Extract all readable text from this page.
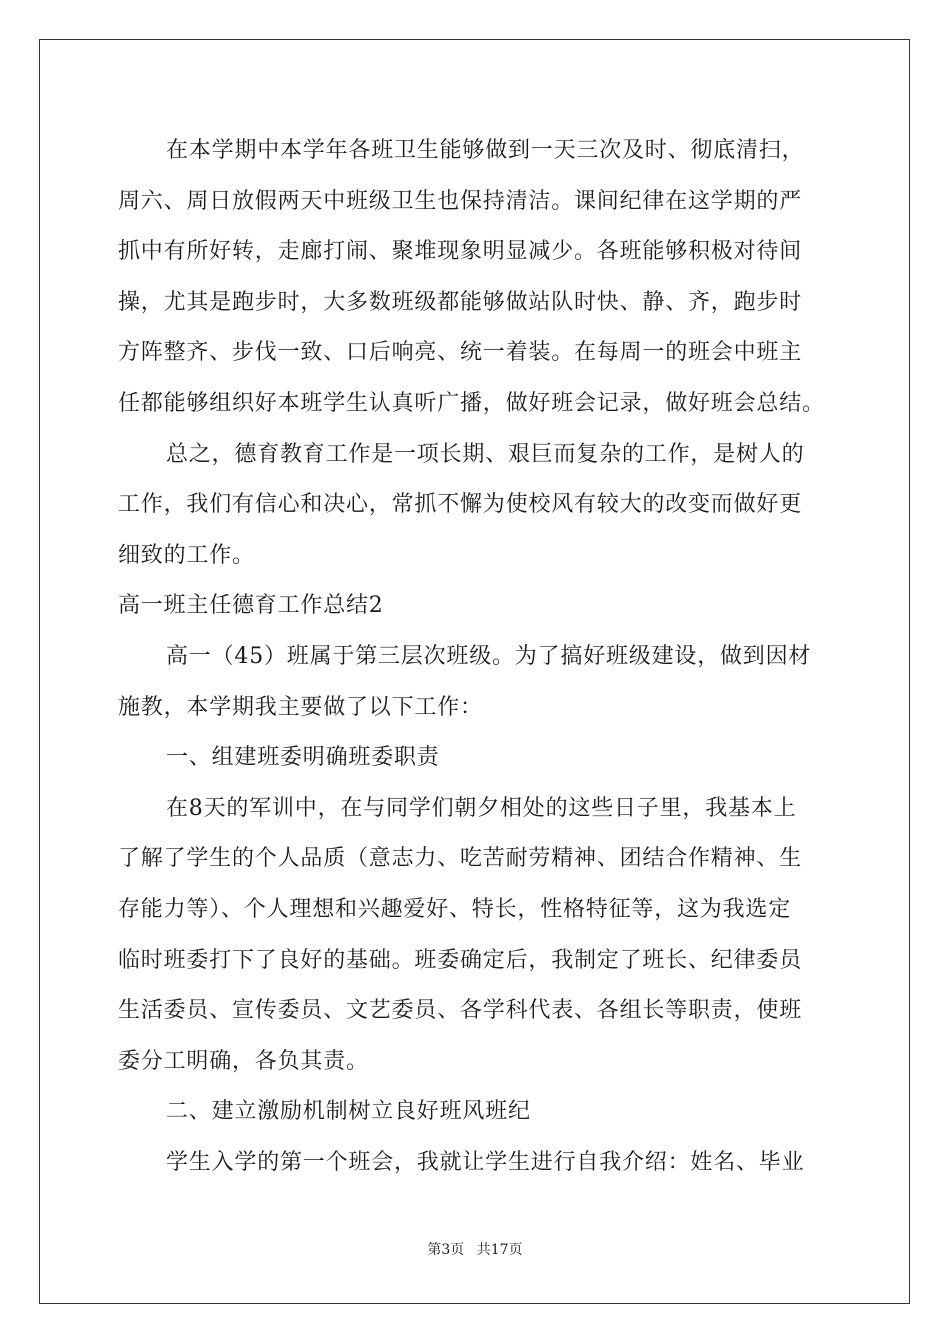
在本学期中本学年各班卫生能够做到一天三次及时、彻底清扫，
周六、周日放假两天中班级卫生也保持清洁。课间纪律在这学期的严
抓中有所好转，走廊打闹、聚堆现象明显减少。各班能够积极对待间
操，尤其是跑步时，大多数班级都能够做站队时快、静、齐，跑步时
方阵整齐、步伐一致、口后响亮、统一着装。在每周一的班会中班主
任都能够组织好本班学生认真听广播，做好班会记录，做好班会总结。
总之，德育教育工作是一项长期、艰巨而复杂的工作，是树人的
工作，我们有信心和决心，常抓不懈为使校风有较大的改变而做好更
细致的工作。
高一班主任德育工作总结2
高一（45）班属于第三层次班级。为了搞好班级建设，做到因材
施教，本学期我主要做了以下工作：
一、组建班委明确班委职责
在8天的军训中，在与同学们朝夕相处的这些日子里，我基本上
了解了学生的个人品质（意志力、吃苦耐劳精神、团结合作精神、生
存能力等）、个人理想和兴趣爱好、特长，性格特征等，这为我选定
临时班委打下了良好的基础。班委确定后，我制定了班长、纪律委员
生活委员、宣传委员、文艺委员、各学科代表、各组长等职责，使班
委分工明确，各负其责。
二、建立激励机制树立良好班风班纪
学生入学的第一个班会，我就让学生进行自我介绍：姓名、毕业
第3页 共17页
